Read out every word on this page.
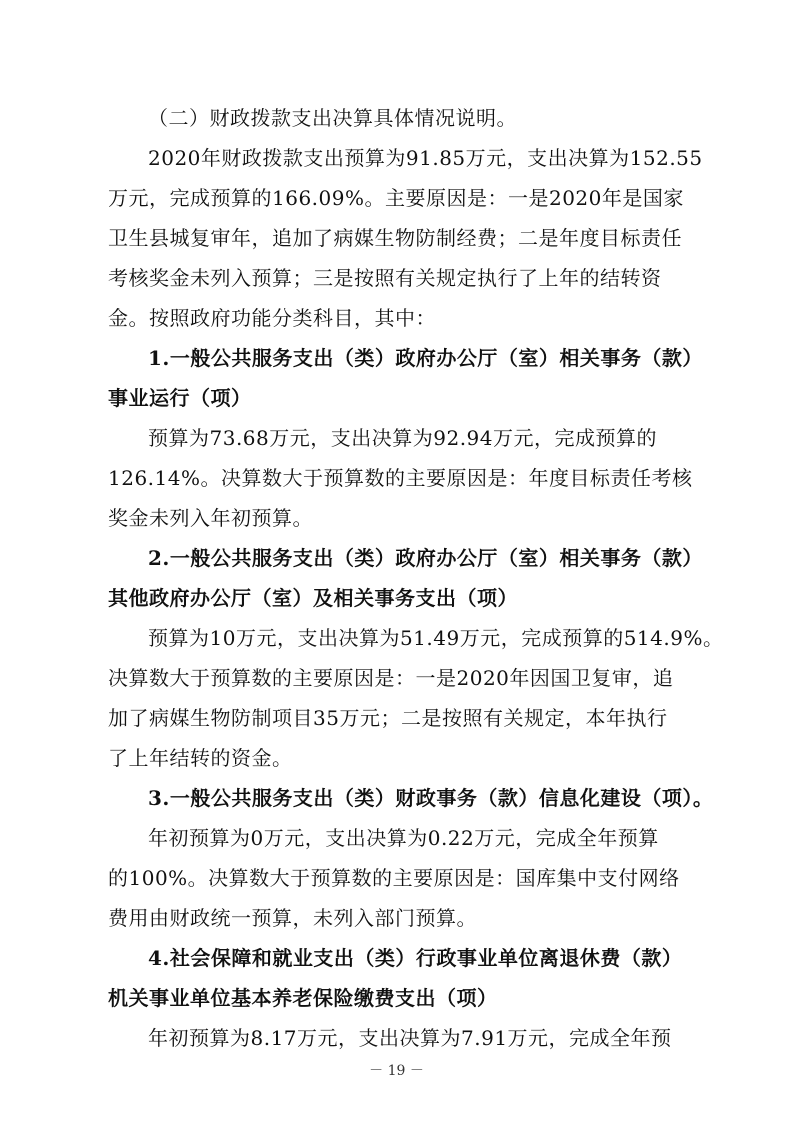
（二）财政拨款支出决算具体情况说明。
2020年财政拨款支出预算为91.85万元，支出决算为152.55
万元，完成预算的166.09%。主要原因是：一是2020年是国家
卫生县城复审年，追加了病媒生物防制经费；二是年度目标责任
考核奖金未列入预算；三是按照有关规定执行了上年的结转资
金。按照政府功能分类科目，其中：
1.一般公共服务支出（类）政府办公厅（室）相关事务（款）
事业运行（项）
预算为73.68万元，支出决算为92.94万元，完成预算的
126.14%。决算数大于预算数的主要原因是：年度目标责任考核
奖金未列入年初预算。
2.一般公共服务支出（类）政府办公厅（室）相关事务（款）
其他政府办公厅（室）及相关事务支出（项）
预算为10万元，支出决算为51.49万元，完成预算的514.9%。
决算数大于预算数的主要原因是：一是2020年因国卫复审，追
加了病媒生物防制项目35万元；二是按照有关规定，本年执行
了上年结转的资金。
3.一般公共服务支出（类）财政事务（款）信息化建设（项）。
年初预算为0万元，支出决算为0.22万元，完成全年预算
的100%。决算数大于预算数的主要原因是：国库集中支付网络
费用由财政统一预算，未列入部门预算。
4.社会保障和就业支出（类）行政事业单位离退休费（款）
机关事业单位基本养老保险缴费支出（项）
年初预算为8.17万元，支出决算为7.91万元，完成全年预
－ 19 －
